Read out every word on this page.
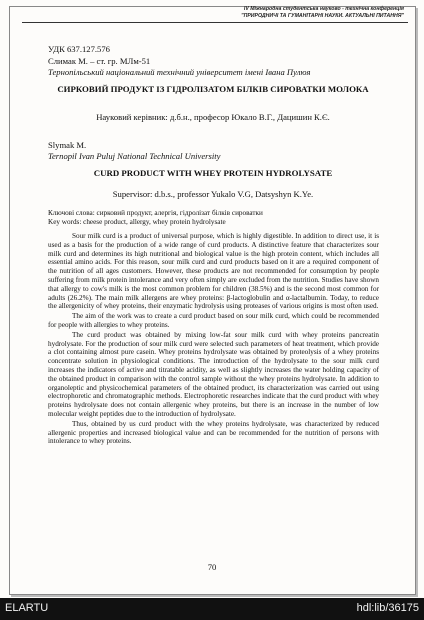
IV Міжнародна студентська науково - технічна конференція
"ПРИРОДНИЧІ ТА ГУМАНІТАРНІ НАУКИ. АКТУАЛЬНІ ПИТАННЯ"
УДК 637.127.576
Слимак М. – ст. гр. МЛм-51
Тернопільський національний технічний університет імені Івана Пулюя
СИРКОВИЙ ПРОДУКТ ІЗ ГІДРОЛІЗАТОМ БІЛКІВ СИРОВАТКИ МОЛОКА
Науковий керівник: д.б.н., професор Юкало В.Г., Дацишин К.Є.
Slymak M.
Ternopil Ivan Puluj National Technical University
CURD PRODUCT WITH WHEY PROTEIN HYDROLYSATE
Supervisor: d.b.s., professor Yukalo V.G, Datsyshyn K.Ye.
Ключові слова: сирковий продукт, алергія, гідролізат білків сироватки
Key words: cheese product, allergy, whey protein hydrolysate

Sour milk curd is a product of universal purpose, which is highly digestible. In addition to direct use, it is used as a basis for the production of a wide range of curd products. A distinctive feature that characterizes sour milk curd and determines its high nutritional and biological value is the high protein content, which includes all essential amino acids. For this reason, sour milk curd and curd products based on it are a required component of the nutrition of all ages customers. However, these products are not recommended for consumption by people suffering from milk protein intolerance and very often simply are excluded from the nutrition. Studies have shown that allergy to cow's milk is the most common problem for children (38.5%) and is the second most common for adults (26.2%). The main milk allergens are whey proteins: β-lactoglobulin and α-lactalbumin. Today, to reduce the allergenicity of whey proteins, their enzymatic hydrolysis using proteases of various origins is most often used.

The aim of the work was to create a curd product based on sour milk curd, which could be recommended for people with allergies to whey proteins.

The curd product was obtained by mixing low-fat sour milk curd with whey proteins pancreatin hydrolysate. For the production of sour milk curd were selected such parameters of heat treatment, which provide a clot containing almost pure casein. Whey proteins hydrolysate was obtained by proteolysis of a whey proteins concentrate solution in physiological conditions. The introduction of the hydrolysate to the sour milk curd increases the indicators of active and titratable acidity, as well as slightly increases the water holding capacity of the obtained product in comparison with the control sample without the whey proteins hydrolysate. In addition to organoleptic and physicochemical parameters of the obtained product, its characterization was carried out using electrophoretic and chromatographic methods. Electrophoretic researches indicate that the curd product with whey proteins hydrolysate does not contain allergenic whey proteins, but there is an increase in the number of low molecular weight peptides due to the introduction of hydrolysate.

Thus, obtained by us curd product with the whey proteins hydrolysate, was characterized by reduced allergenic properties and increased biological value and can be recommended for the nutrition of persons with intolerance to whey proteins.

70
ELARTU	hdl:lib/36175
